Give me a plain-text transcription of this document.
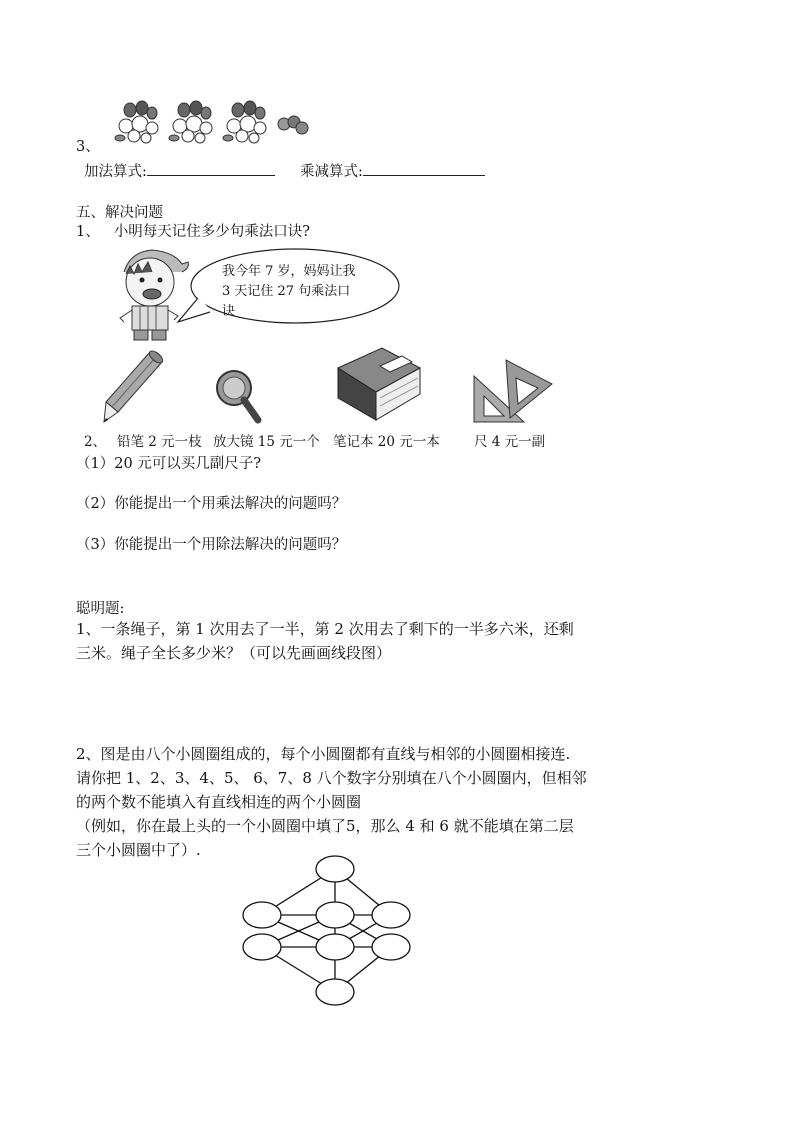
3、
加法算式:	乘减算式:
五、解决问题
1、 小明每天记住多少句乘法口诀?
我今年 7 岁，妈妈让我
3 天记住 27 句乘法口
诀
2、 铅笔 2 元一枝 放大镜 15 元一个 笔记本 20 元一本	尺 4 元一副
（1）20 元可以买几副尺子?
（2）你能提出一个用乘法解决的问题吗？
（3）你能提出一个用除法解决的问题吗？
聪明题:
1、一条绳子，第 1 次用去了一半，第 2 次用去了剩下的一半多六米，还剩
三米。绳子全长多少米？（可以先画画线段图）
2、图是由八个小圆圈组成的，每个小圆圈都有直线与相邻的小圆圈相接连.
请你把 1、2、3、4、5、 6、7、8 八个数字分别填在八个小圆圈内，但相邻
的两个数不能填入有直线相连的两个小圆圈
（例如，你在最上头的一个小圆圈中填了5，那么 4 和 6 就不能填在第二层
三个小圆圈中了）.
